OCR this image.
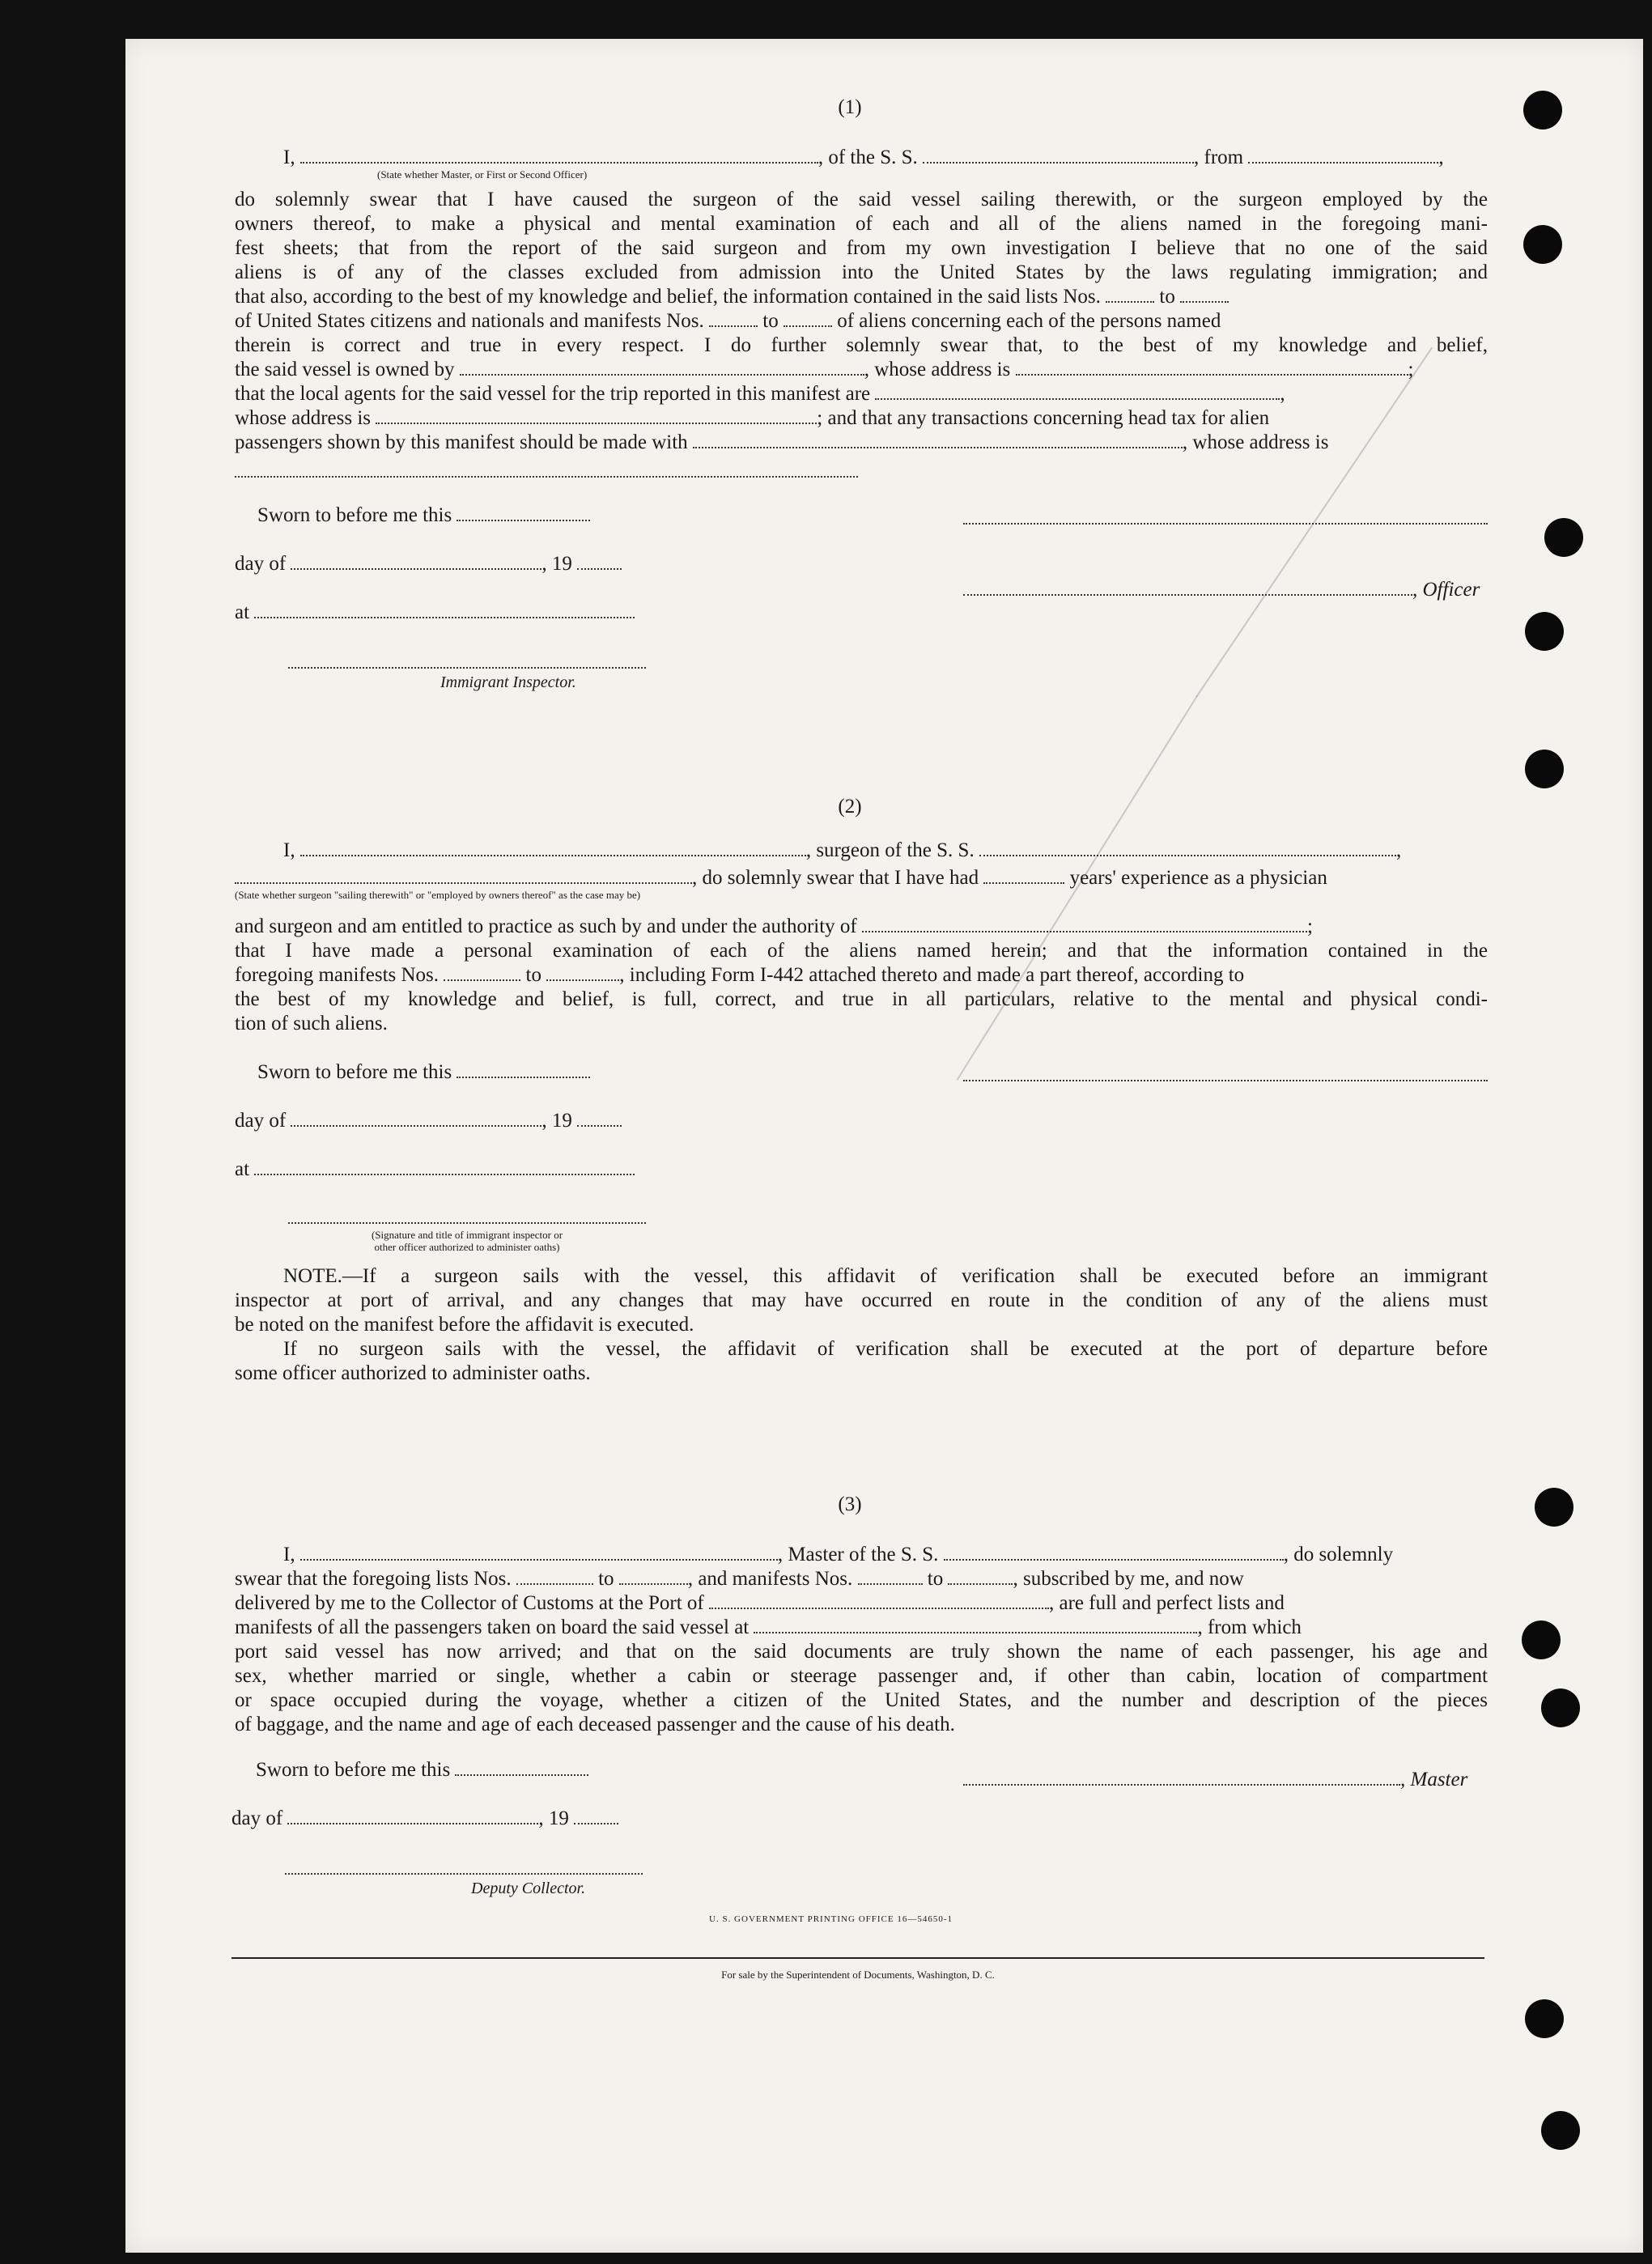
(1)
I,	, of the S. S.	, from	,
(State whether Master, or First or Second Officer)
do solemnly swear that I have caused the surgeon of the said vessel sailing therewith, or the surgeon employed by the
owners thereof, to make a physical and mental examination of each and all of the aliens named in the foregoing mani-
fest sheets; that from the report of the said surgeon and from my own investigation I believe that no one of the said
aliens is of any of the classes excluded from admission into the United States by the laws regulating immigration; and
that also, according to the best of my knowledge and belief, the information contained in the said lists Nos.	to
of United States citizens and nationals and manifests Nos.	to	of aliens concerning each of the persons named
therein is correct and true in every respect. I do further solemnly swear that, to the best of my knowledge and belief,
the said vessel is owned by	, whose address is	;
that the local agents for the said vessel for the trip reported in this manifest are	,
whose address is	; and that any transactions concerning head tax for alien
passengers shown by this manifest should be made with	, whose address is
Sworn to before me this
day of	, 19
, Officer
at
Immigrant Inspector.
(2)
I,	, surgeon of the S. S.	,
, do solemnly swear that I have had	years' experience as a physician
(State whether surgeon "sailing therewith" or "employed by owners thereof" as the case may be)
and surgeon and am entitled to practice as such by and under the authority of	;
that I have made a personal examination of each of the aliens named herein; and that the information contained in the
foregoing manifests Nos.	to	, including Form I-442 attached thereto and made a part thereof, according to
the best of my knowledge and belief, is full, correct, and true in all particulars, relative to the mental and physical condi-
tion of such aliens.
Sworn to before me this
day of	, 19
at
(Signature and title of immigrant inspector or
other officer authorized to administer oaths)
NOTE.—If a surgeon sails with the vessel, this affidavit of verification shall be executed before an immigrant
inspector at port of arrival, and any changes that may have occurred en route in the condition of any of the aliens must
be noted on the manifest before the affidavit is executed.
If no surgeon sails with the vessel, the affidavit of verification shall be executed at the port of departure before
some officer authorized to administer oaths.
(3)
I,	, Master of the S. S.	, do solemnly
swear that the foregoing lists Nos.	to	, and manifests Nos.	to	, subscribed by me, and now
delivered by me to the Collector of Customs at the Port of	, are full and perfect lists and
manifests of all the passengers taken on board the said vessel at	, from which
port said vessel has now arrived; and that on the said documents are truly shown the name of each passenger, his age and
sex, whether married or single, whether a cabin or steerage passenger and, if other than cabin, location of compartment
or space occupied during the voyage, whether a citizen of the United States, and the number and description of the pieces
of baggage, and the name and age of each deceased passenger and the cause of his death.
Sworn to before me this	, Master
day of	, 19
Deputy Collector.
U. S. GOVERNMENT PRINTING OFFICE 16—54650-1
For sale by the Superintendent of Documents, Washington, D. C.
